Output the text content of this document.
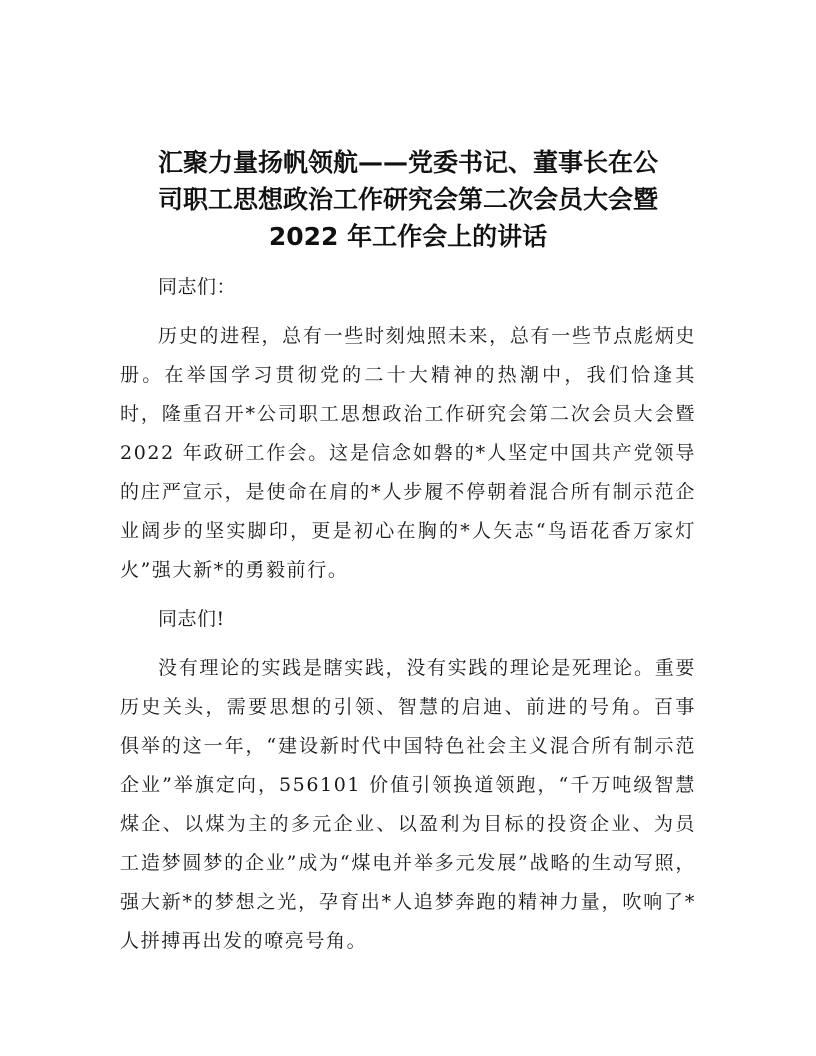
汇聚力量扬帆领航——党委书记、董事长在公
司职工思想政治工作研究会第二次会员大会暨
2022 年工作会上的讲话

同志们：

历史的进程，总有一些时刻烛照未来，总有一些节点彪炳史册。在举国学习贯彻党的二十大精神的热潮中，我们恰逢其时，隆重召开*公司职工思想政治工作研究会第二次会员大会暨 2022 年政研工作会。这是信念如磐的*人坚定中国共产党领导的庄严宣示，是使命在肩的*人步履不停朝着混合所有制示范企业阔步的坚实脚印，更是初心在胸的*人矢志“鸟语花香万家灯火”强大新*的勇毅前行。

同志们!

没有理论的实践是瞎实践，没有实践的理论是死理论。重要历史关头，需要思想的引领、智慧的启迪、前进的号角。百事俱举的这一年，“建设新时代中国特色社会主义混合所有制示范企业”举旗定向，556101 价值引领换道领跑，“千万吨级智慧煤企、以煤为主的多元企业、以盈利为目标的投资企业、为员工造梦圆梦的企业”成为“煤电并举多元发展”战略的生动写照，强大新*的梦想之光，孕育出*人追梦奔跑的精神力量，吹响了*人拼搏再出发的嘹亮号角。
